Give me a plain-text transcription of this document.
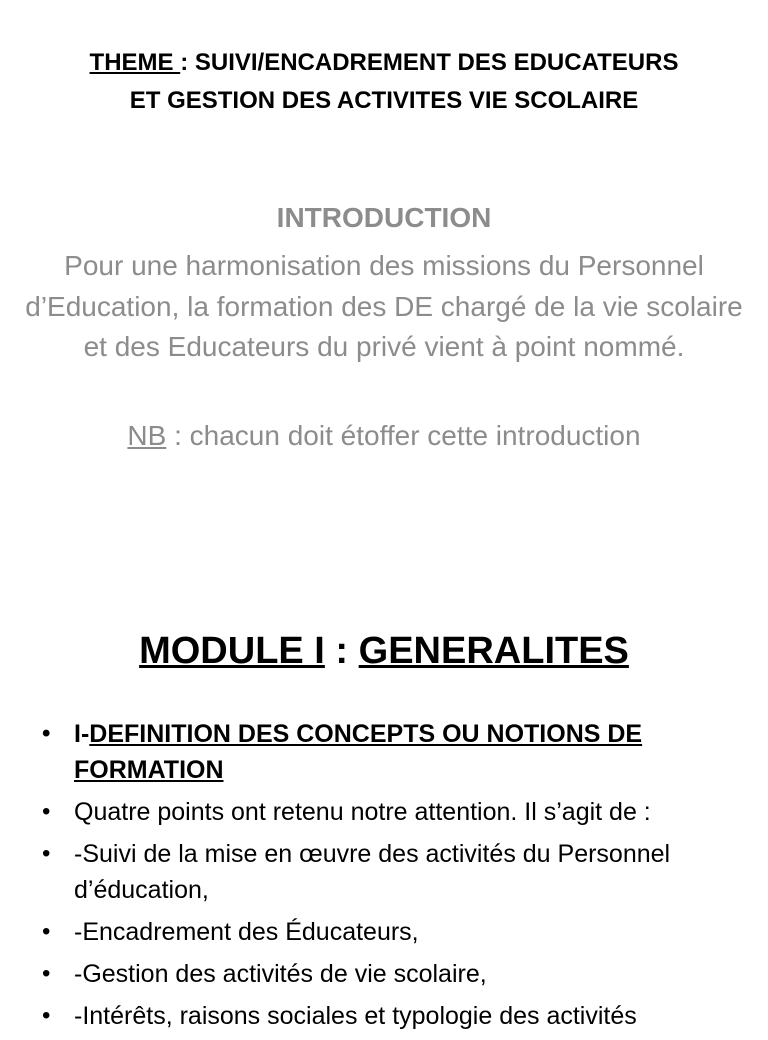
THEME : SUIVI/ENCADREMENT DES EDUCATEURS
ET GESTION DES ACTIVITES VIE SCOLAIRE
INTRODUCTION
Pour une harmonisation des missions du Personnel d’Education, la formation des DE chargé de la vie scolaire et des Educateurs du privé vient à point nommé.
NB : chacun doit étoffer cette introduction
MODULE I : GENERALITES
• I-DEFINITION DES CONCEPTS OU NOTIONS DE FORMATION
• Quatre points ont retenu notre attention. Il s’agit de :
• -Suivi de la mise en œuvre des activités du Personnel d’éducation,
• -Encadrement des Éducateurs,
• -Gestion des activités de vie scolaire,
• -Intérêts, raisons sociales et typologie des activités
